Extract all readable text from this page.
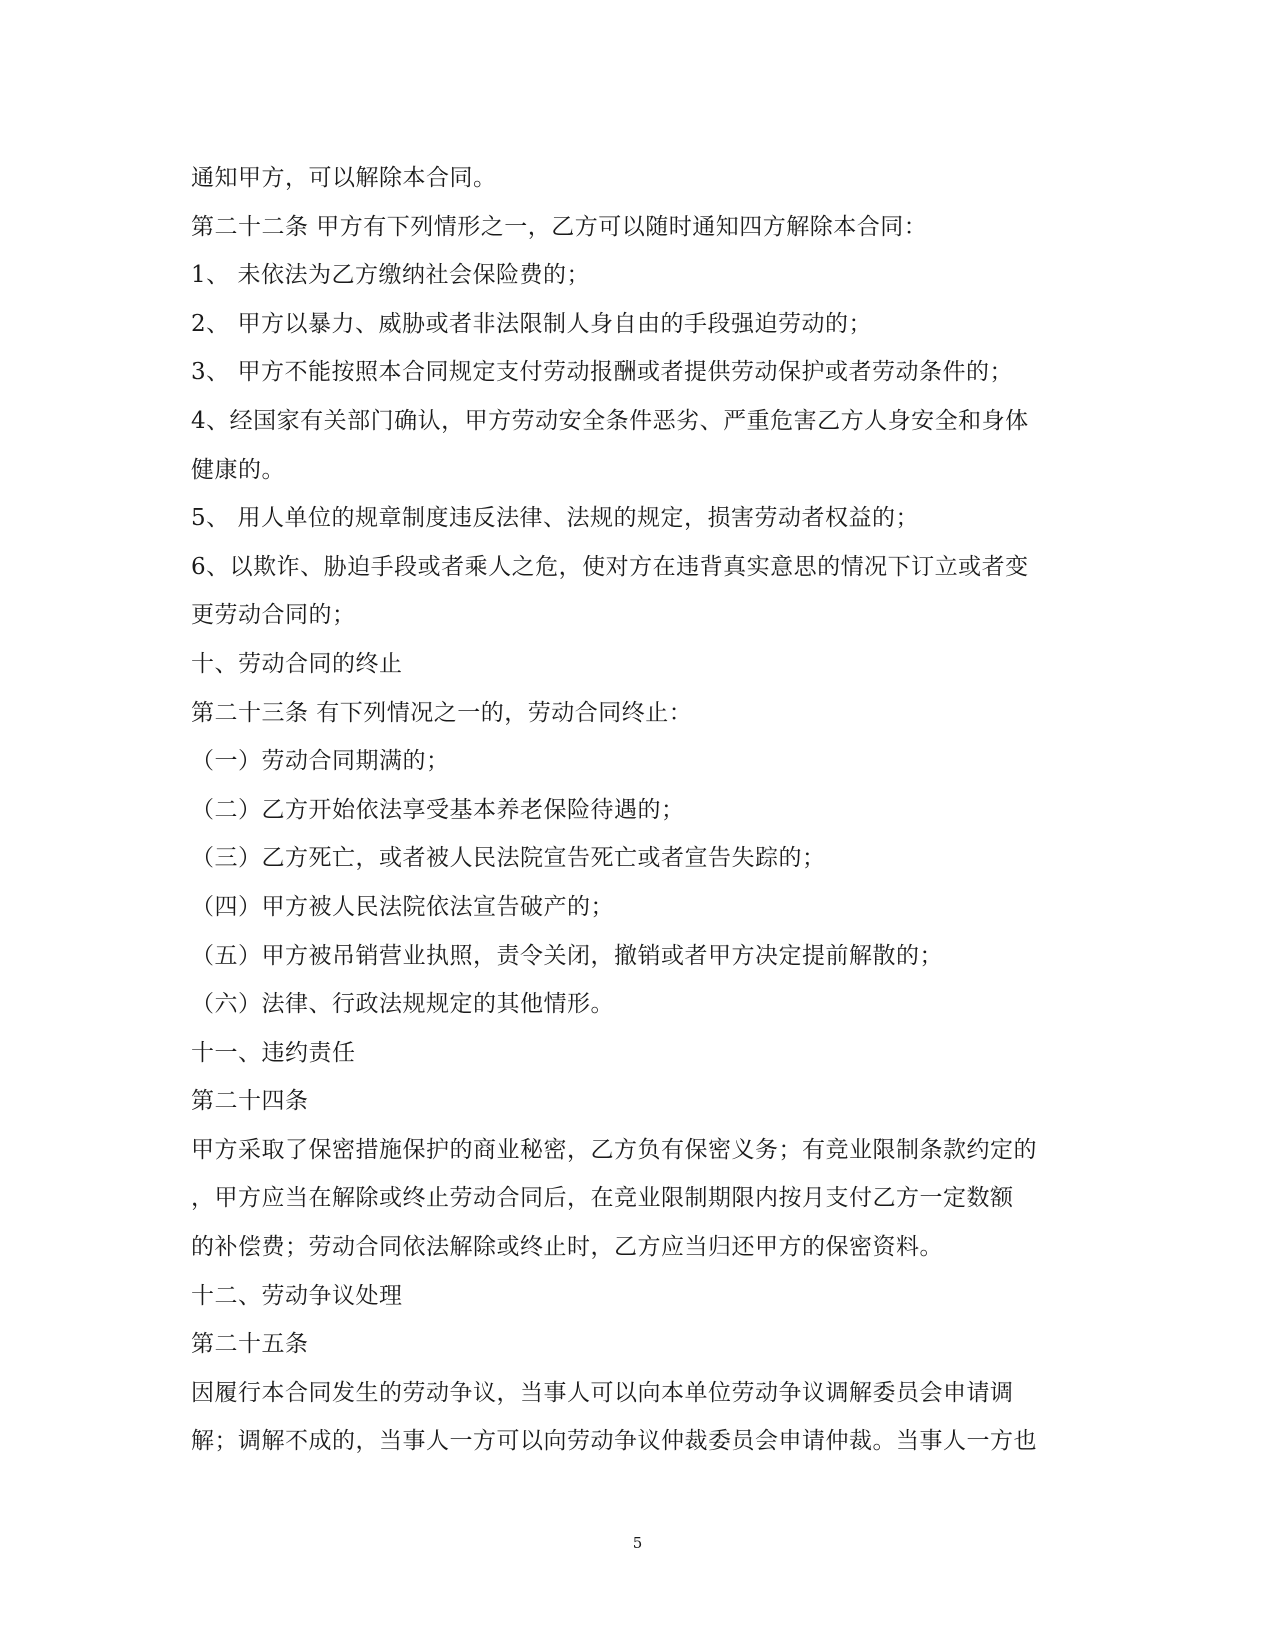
通知甲方，可以解除本合同。
第二十二条 甲方有下列情形之一，乙方可以随时通知四方解除本合同：
1、 未依法为乙方缴纳社会保险费的；
2、 甲方以暴力、威胁或者非法限制人身自由的手段强迫劳动的；
3、 甲方不能按照本合同规定支付劳动报酬或者提供劳动保护或者劳动条件的；
4、经国家有关部门确认，甲方劳动安全条件恶劣、严重危害乙方人身安全和身体
健康的。
5、 用人单位的规章制度违反法律、法规的规定，损害劳动者权益的；
6、以欺诈、胁迫手段或者乘人之危，使对方在违背真实意思的情况下订立或者变
更劳动合同的；
十、劳动合同的终止
第二十三条 有下列情况之一的，劳动合同终止：
（一）劳动合同期满的；
（二）乙方开始依法享受基本养老保险待遇的；
（三）乙方死亡，或者被人民法院宣告死亡或者宣告失踪的；
（四）甲方被人民法院依法宣告破产的；
（五）甲方被吊销营业执照，责令关闭，撤销或者甲方决定提前解散的；
（六）法律、行政法规规定的其他情形。
十一、违约责任
第二十四条
甲方采取了保密措施保护的商业秘密，乙方负有保密义务；有竞业限制条款约定的
，甲方应当在解除或终止劳动合同后，在竞业限制期限内按月支付乙方一定数额
的补偿费；劳动合同依法解除或终止时，乙方应当归还甲方的保密资料。
十二、劳动争议处理
第二十五条
因履行本合同发生的劳动争议，当事人可以向本单位劳动争议调解委员会申请调
解；调解不成的，当事人一方可以向劳动争议仲裁委员会申请仲裁。当事人一方也
5
